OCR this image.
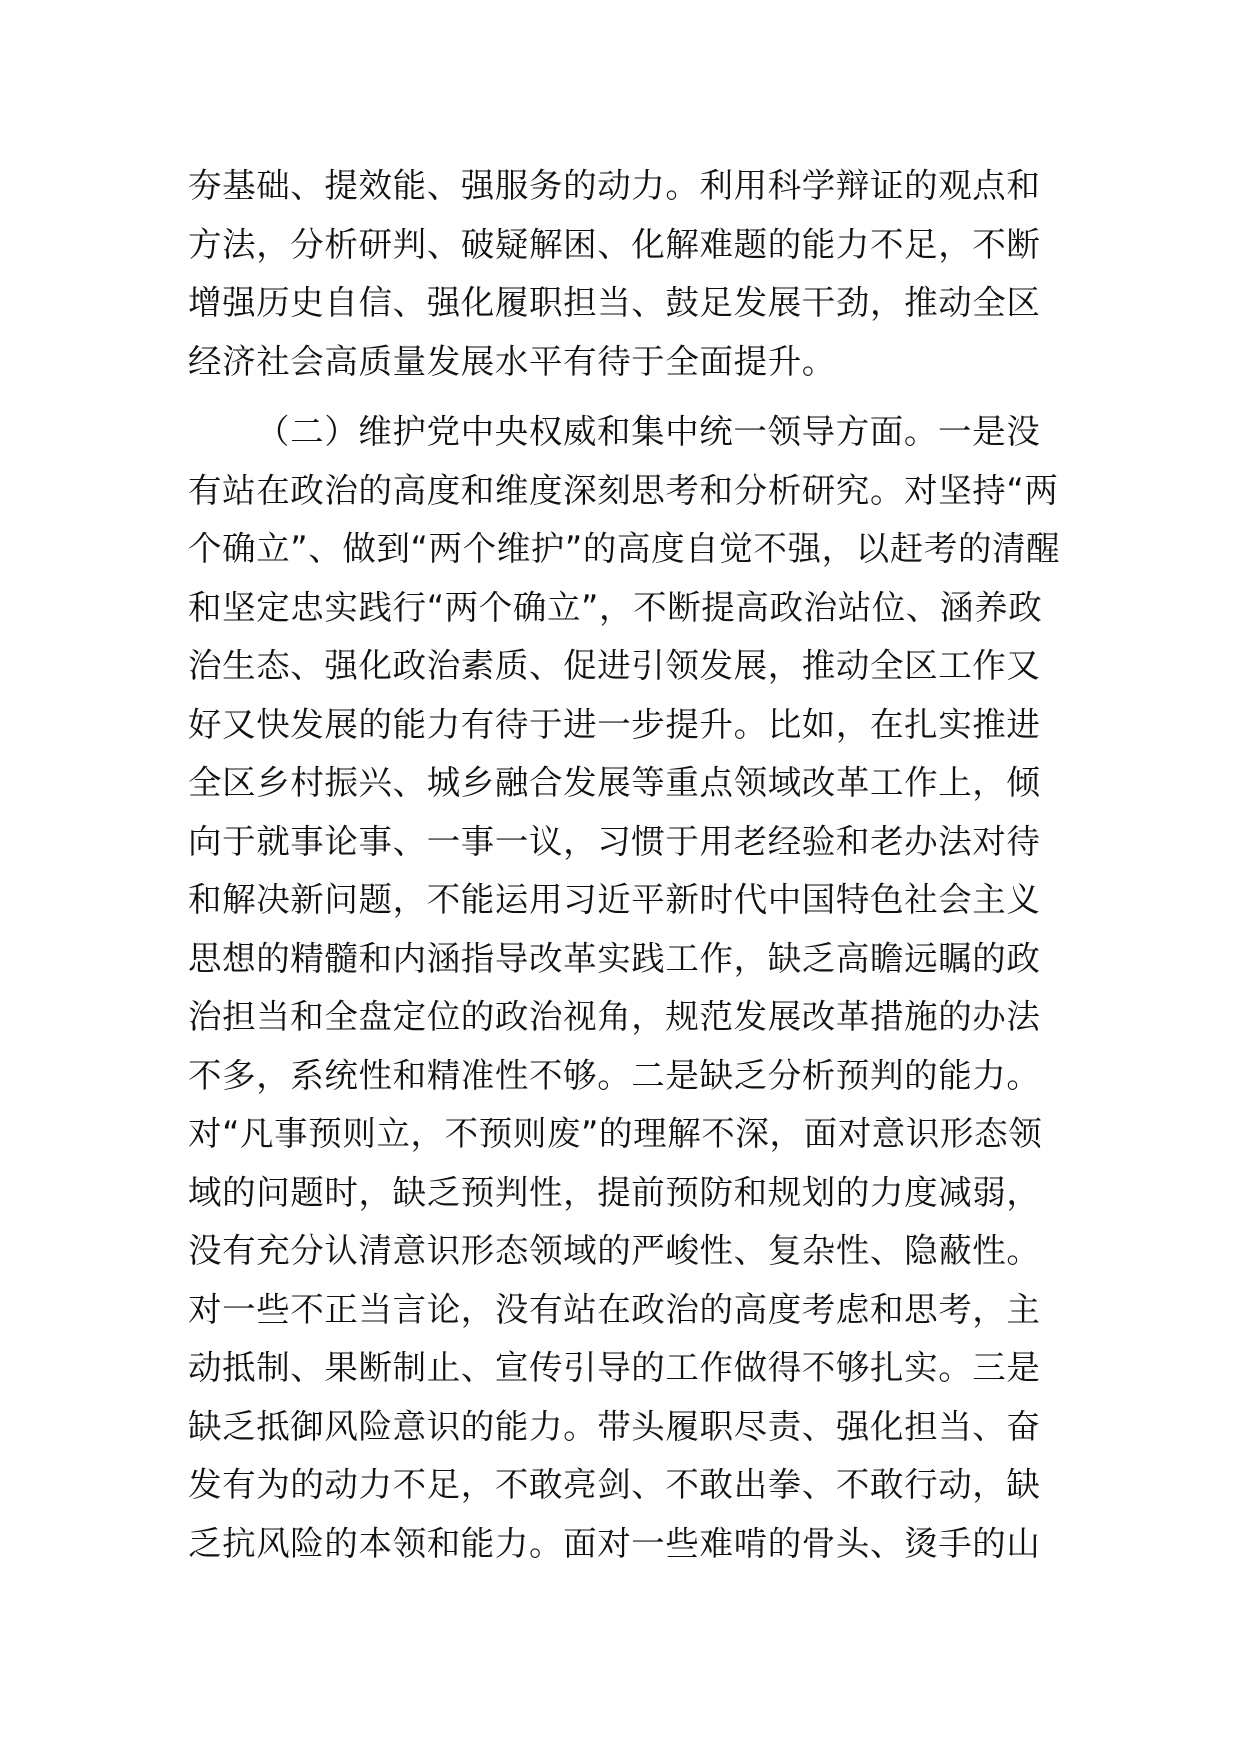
夯基础、提效能、强服务的动力。利用科学辩证的观点和
方法，分析研判、破疑解困、化解难题的能力不足，不断
增强历史自信、强化履职担当、鼓足发展干劲，推动全区
经济社会高质量发展水平有待于全面提升。
（二）维护党中央权威和集中统一领导方面。一是没
有站在政治的高度和维度深刻思考和分析研究。对坚持“两
个确立”、做到“两个维护”的高度自觉不强，以赶考的清醒
和坚定忠实践行“两个确立”，不断提高政治站位、涵养政
治生态、强化政治素质、促进引领发展，推动全区工作又
好又快发展的能力有待于进一步提升。比如，在扎实推进
全区乡村振兴、城乡融合发展等重点领域改革工作上，倾
向于就事论事、一事一议，习惯于用老经验和老办法对待
和解决新问题，不能运用习近平新时代中国特色社会主义
思想的精髓和内涵指导改革实践工作，缺乏高瞻远瞩的政
治担当和全盘定位的政治视角，规范发展改革措施的办法
不多，系统性和精准性不够。二是缺乏分析预判的能力。
对“凡事预则立，不预则废”的理解不深，面对意识形态领
域的问题时，缺乏预判性，提前预防和规划的力度减弱，
没有充分认清意识形态领域的严峻性、复杂性、隐蔽性。
对一些不正当言论，没有站在政治的高度考虑和思考，主
动抵制、果断制止、宣传引导的工作做得不够扎实。三是
缺乏抵御风险意识的能力。带头履职尽责、强化担当、奋
发有为的动力不足，不敢亮剑、不敢出拳、不敢行动，缺
乏抗风险的本领和能力。面对一些难啃的骨头、烫手的山
